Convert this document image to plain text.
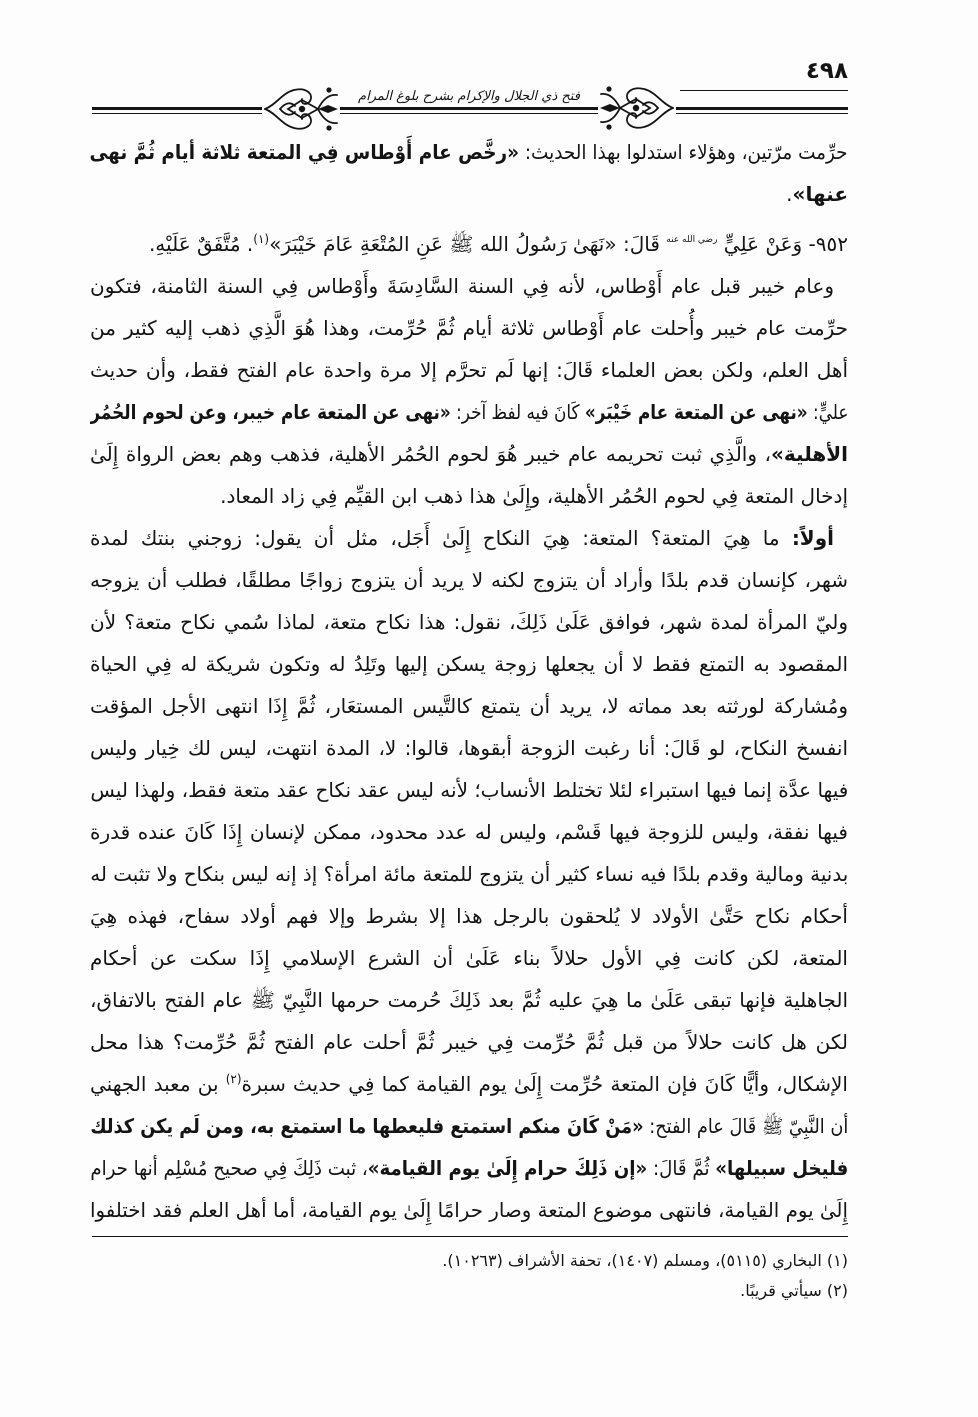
٤٩٨
فتح ذي الجلال والإكرام بشرح بلوغ المرام
حرِّمت مرّتين، وهؤلاء استدلوا بهذا الحديث: «رخَّص عام أَوْطاس فِي المتعة ثلاثة أيام ثُمَّ نهى
عنها».
٩٥٢- وَعَنْ عَلِيٍّ $^{رضي الله عنه}$ قَالَ: «نَهَىٰ رَسُولُ الله ﷺ عَنِ المُتْعَةِ عَامَ خَيْبَرَ»$^{(١)}$. مُتَّفَقٌ عَلَيْهِ.
وعام خيبر قبل عام أَوْطاس، لأنه فِي السنة السَّادِسَةَ وأَوْطاس فِي السنة الثامنة، فتكون
حرِّمت عام خيبر وأُحلت عام أَوْطاس ثلاثة أيام ثُمَّ حُرِّمت، وهذا هُوَ الَّذِي ذهب إليه كثير من
أهل العلم، ولكن بعض العلماء قَالَ: إنها لَم تحرَّم إلا مرة واحدة عام الفتح فقط، وأن حديث
عليٍّ: «نهى عن المتعة عام خَيْبَر» كَانَ فيه لفظ آخر: «نهى عن المتعة عام خيبر، وعن لحوم الحُمُر
الأهلية»، والَّذِي ثبت تحريمه عام خيبر هُوَ لحوم الحُمُر الأهلية، فذهب وهم بعض الرواة إِلَىٰ
إدخال المتعة فِي لحوم الحُمُر الأهلية، وإِلَىٰ هذا ذهب ابن القيِّم فِي زاد المعاد.
أولاً: ما هِيَ المتعة؟ المتعة: هِيَ النكاح إِلَىٰ أَجَل، مثل أن يقول: زوجني بنتك لمدة
شهر، كإنسان قدم بلدًا وأراد أن يتزوج لكنه لا يريد أن يتزوج زواجًا مطلقًا، فطلب أن يزوجه
وليّ المرأة لمدة شهر، فوافق عَلَىٰ ذَلِكَ، نقول: هذا نكاح متعة، لماذا سُمي نكاح متعة؟ لأن
المقصود به التمتع فقط لا أن يجعلها زوجة يسكن إليها وتَلِدُ له وتكون شريكة له فِي الحياة
ومُشاركة لورثته بعد مماته لا، يريد أن يتمتع كالتَّيس المستعَار، ثُمَّ إِذَا انتهى الأجل المؤقت
انفسخ النكاح، لو قَالَ: أنا رغبت الزوجة أبقوها، قالوا: لا، المدة انتهت، ليس لك خِيار وليس
فيها عدَّة إنما فيها استبراء لئلا تختلط الأنساب؛ لأنه ليس عقد نكاح عقد متعة فقط، ولهذا ليس
فيها نفقة، وليس للزوجة فيها قَسْم، وليس له عدد محدود، ممكن لإنسان إِذَا كَانَ عنده قدرة
بدنية ومالية وقدم بلدًا فيه نساء كثير أن يتزوج للمتعة مائة امرأة؟ إذ إنه ليس بنكاح ولا تثبت له
أحكام نكاح حَتَّىٰ الأولاد لا يُلحقون بالرجل هذا إلا بشرط وإلا فهم أولاد سفاح، فهذه هِيَ
المتعة، لكن كانت فِي الأول حلالاً بناء عَلَىٰ أن الشرع الإسلامي إِذَا سكت عن أحكام
الجاهلية فإنها تبقى عَلَىٰ ما هِيَ عليه ثُمَّ بعد ذَلِكَ حُرمت حرمها النَّبِيّ ﷺ عام الفتح بالاتفاق،
لكن هل كانت حلالاً من قبل ثُمَّ حُرِّمت فِي خيبر ثُمَّ أحلت عام الفتح ثُمَّ حُرِّمت؟ هذا محل
الإشكال، وأيًّا كَانَ فإن المتعة حُرِّمت إِلَىٰ يوم القيامة كما فِي حديث سبرة$^{(٢)}$ بن معبد الجهني
أن النَّبِيّ ﷺ قَالَ عام الفتح: «مَنْ كَانَ منكم استمتع فليعطها ما استمتع به، ومن لَم يكن كذلك
فليخل سبيلها» ثُمَّ قَالَ: «إن ذَلِكَ حرام إِلَىٰ يوم القيامة»، ثبت ذَلِكَ فِي صحيح مُسْلِم أنها حرام
إِلَىٰ يوم القيامة، فانتهى موضوع المتعة وصار حرامًا إِلَىٰ يوم القيامة، أما أهل العلم فقد اختلفوا
(١) البخاري (٥١١٥)، ومسلم (١٤٠٧)، تحفة الأشراف (١٠٢٦٣).
(٢) سيأتي قريبًا.
